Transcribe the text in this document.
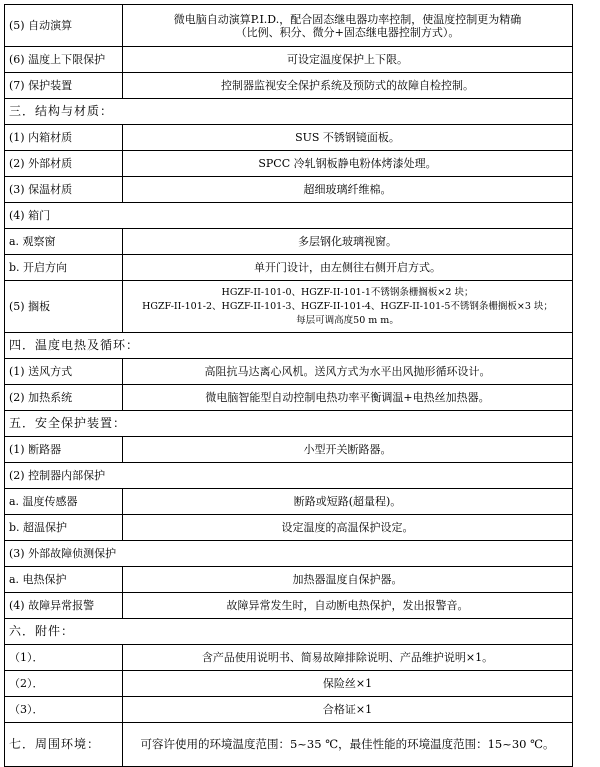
(5) 自动演算	微电脑自动演算P.I.D.，配合固态继电器功率控制，使温度控制更为精确
（比例、积分、微分+固态继电器控制方式）。

(6) 温度上下限保护	可设定温度保护上下限。
(7) 保护装置	控制器监视安全保护系统及预防式的故障自检控制。
三．结构与材质：	
(1) 内箱材质	SUS 不锈钢镜面板。
(2) 外部材质	SPCC 冷轧钢板静电粉体烤漆处理。
(3) 保温材质	超细玻璃纤维棉。
(4) 箱门	
a. 观察窗	多层钢化玻璃视窗。
b. 开启方向	单开门设计，由左侧往右侧开启方式。
(5) 搁板	HGZF-II-101-0、HGZF-II-101-1不锈钢条栅搁板×2 块；
HGZF-II-101-2、HGZF-II-101-3、HGZF-II-101-4、HGZF-II-101-5不锈钢条栅搁板×3 块；
每层可调高度50 m m。

四．温度电热及循环：	
(1) 送风方式	高阻抗马达离心风机。送风方式为水平出风抛形循环设计。
(2) 加热系统	微电脑智能型自动控制电热功率平衡调温+电热丝加热器。
五．安全保护装置：	
(1) 断路器	小型开关断路器。
(2) 控制器内部保护	
a. 温度传感器	断路或短路(超量程)。
b. 超温保护	设定温度的高温保护设定。
(3) 外部故障侦测保护	
a. 电热保护	加热器温度自保护器。
(4) 故障异常报警	故障异常发生时，自动断电热保护，发出报警音。
六．附件：	
（1）．	含产品使用说明书、简易故障排除说明、产品维护说明×1。
（2）．	保险丝×1
（3）．	合格证×1
七．周围环境：	可容许使用的环境温度范围：5~35 ℃，最佳性能的环境温度范围：15~30 ℃。
